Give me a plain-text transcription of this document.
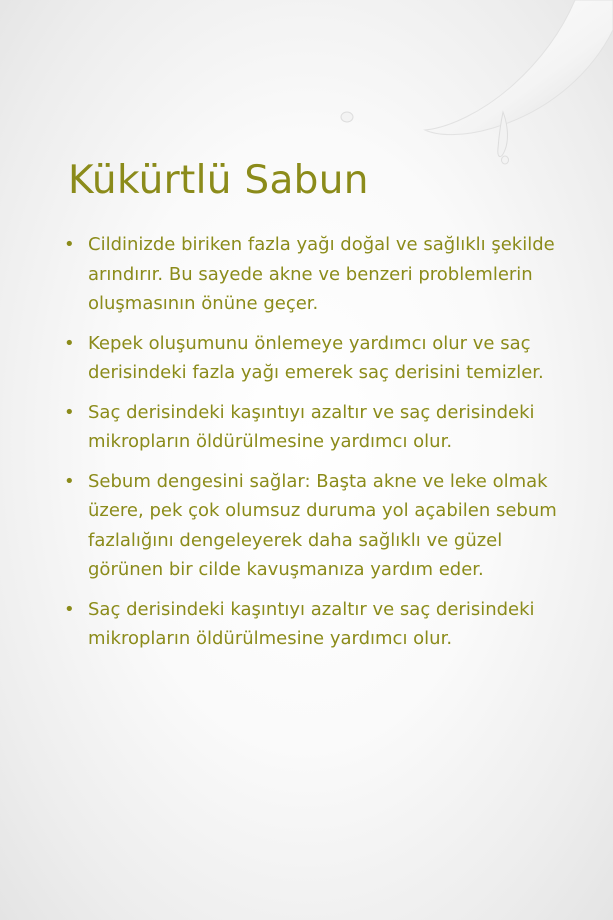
Kükürtlü Sabun
• Cildinizde biriken fazla yağı doğal ve sağlıklı şekilde arındırır. Bu sayede akne ve benzeri problemlerin oluşmasının önüne geçer.
• Kepek oluşumunu önlemeye yardımcı olur ve saç derisindeki fazla yağı emerek saç derisini temizler.
• Saç derisindeki kaşıntıyı azaltır ve saç derisindeki mikropların öldürülmesine yardımcı olur.
• Sebum dengesini sağlar: Başta akne ve leke olmak üzere, pek çok olumsuz duruma yol açabilen sebum fazlalığını dengeleyerek daha sağlıklı ve güzel görünen bir cilde kavuşmanıza yardım eder.
• Saç derisindeki kaşıntıyı azaltır ve saç derisindeki mikropların öldürülmesine yardımcı olur.
